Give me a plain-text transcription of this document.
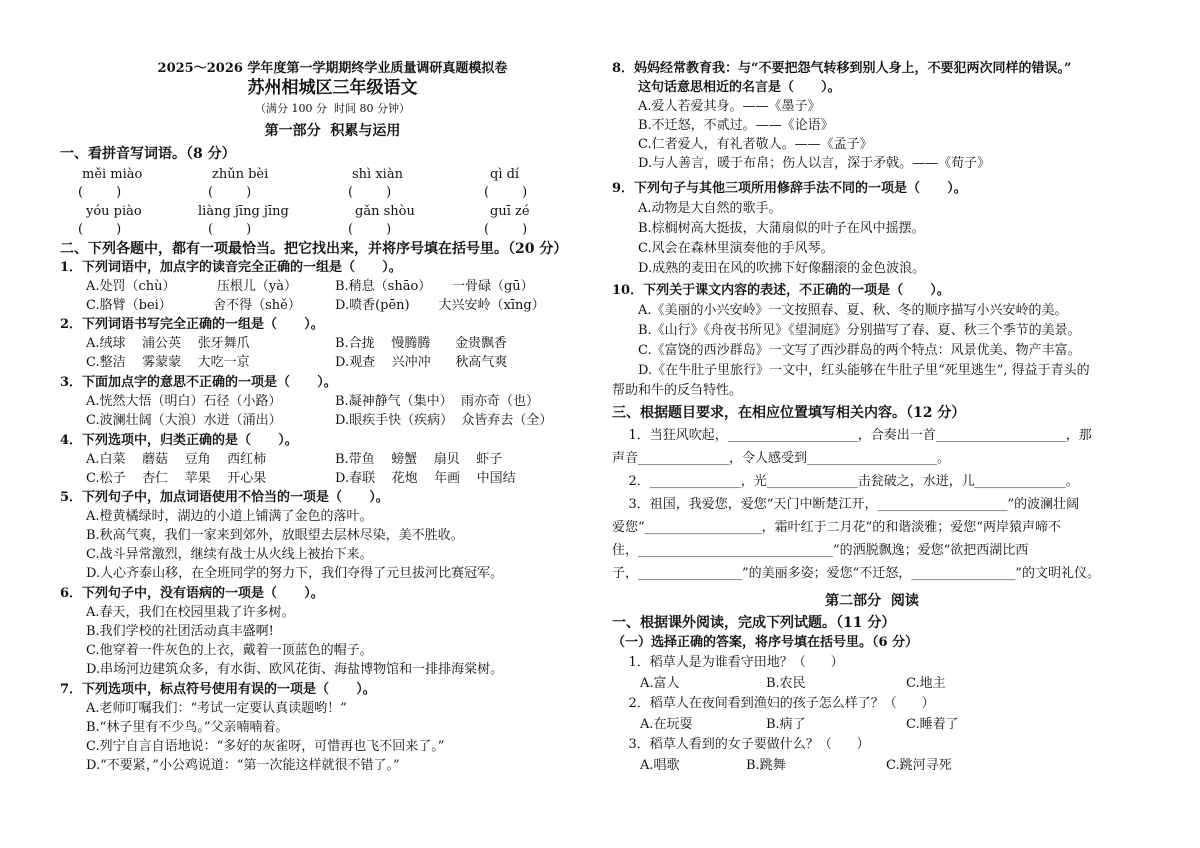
2025～2026 学年度第一学期期终学业质量调研真题模拟卷
苏州相城区三年级语文
（满分 100 分  时间 80 分钟）
第一部分  积累与运用
一、看拼音写词语。（8 分）
měi miào	zhǔn bèi	shì xiàn	qì dí
(        )	(        )	(        )	(        )
yóu piào	liàng jīng jīng	gǎn shòu	guī zé
(        )	(        )	(        )	(        )
二、下列各题中，都有一项最恰当。把它找出来，并将序号填在括号里。（20 分）
1．下列词语中，加点字的读音完全正确的一组是（      ）。
A.处罚（chù）          压根儿（yà）	B.稍息（shāo）     一骨碌（gū）
C.胳臂（bei）          舍不得（shě）	D.喷香(pēn)       大兴安岭（xīng）
2．下列词语书写完全正确的一组是（      ）。
A.绒球    浦公英    张牙舞爪	B.合拢    慢腾腾      金贵飘香
C.整洁    雾蒙蒙    大吃一京	D.观查    兴冲冲      秋高气爽
3．下面加点字的意思不正确的一项是（      ）。
A.恍然大悟（明白）石径（小路）	B.凝神静气（集中）  雨亦奇（也）
C.波澜壮阔（大浪）水迸（涌出）	D.眼疾手快（疾病）  众皆弃去（全）
4．下列选项中，归类正确的是（      ）。
A.白菜    蘑菇    豆角    西红柿	B.带鱼    螃蟹    扇贝    虾子
C.松子    杏仁    苹果    开心果	D.春联    花炮    年画    中国结
5．下列句子中，加点词语使用不恰当的一项是（      ）。
A.橙黄橘绿时，湖边的小道上铺满了金色的落叶。
B.秋高气爽，我们一家来到郊外，放眼望去层林尽染，美不胜收。
C.战斗异常激烈，继续有战士从火线上被抬下来。
D.人心齐泰山移，在全班同学的努力下，我们夺得了元旦拔河比赛冠军。
6．下列句子中，没有语病的一项是（      ）。
A.春天，我们在校园里栽了许多树。
B.我们学校的社团活动真丰盛啊!
C.他穿着一件灰色的上衣，戴着一顶蓝色的帽子。
D.串场河边建筑众多，有水街、欧风花街、海盐博物馆和一排排海棠树。
7．下列选项中，标点符号使用有误的一项是（      ）。
A.老师叮嘱我们：“考试一定要认真读题哟！”
B.“林子里有不少鸟。”父亲喃喃着。
C.列宁自言自语地说：“多好的灰雀呀，可惜再也飞不回来了。”
D.“不要紧，”小公鸡说道：“第一次能这样就很不错了。”
8．妈妈经常教育我：与“不要把怨气转移到别人身上，不要犯两次同样的错误。”
这句话意思相近的名言是（      ）。
A.爱人若爱其身。——《墨子》
B.不迁怒，不贰过。——《论语》
C.仁者爱人，有礼者敬人。——《孟子》
D.与人善言，暖于布帛；伤人以言，深于矛戟。——《荀子》
9．下列句子与其他三项所用修辞手法不同的一项是（      ）。
A.动物是大自然的歌手。
B.棕榈树高大挺拔，大蒲扇似的叶子在风中摇摆。
C.风会在森林里演奏他的手风琴。
D.成熟的麦田在风的吹拂下好像翻滚的金色波浪。
10．下列关于课文内容的表述，不正确的一项是（      ）。
A.《美丽的小兴安岭》一文按照春、夏、秋、冬的顺序描写小兴安岭的美。
B.《山行》《舟夜书所见》《望洞庭》分别描写了春、夏、秋三个季节的美景。
C.《富饶的西沙群岛》一文写了西沙群岛的两个特点：风景优美、物产丰富。
D.《在牛肚子里旅行》一文中，红头能够在牛肚子里“死里逃生”, 得益于青头的
帮助和牛的反刍特性。
三、根据题目要求，在相应位置填写相关内容。（12 分）
1．当狂风吹起，____________________，合奏出一首____________________，那
声音______________，令人感受到____________________。
2．______________，光______________击瓮破之，水迸，儿______________。
3．祖国，我爱您，爱您“天门中断楚江开，____________________”的波澜壮阔
爱您“__________________，霜叶红于二月花”的和谐淡雅；爱您“两岸猿声啼不
住，______________________________”的洒脱飘逸；爱您“欲把西湖比西
子，________________”的美丽多姿；爱您“不迁怒，________________”的文明礼仪。
第二部分  阅读
一、根据课外阅读，完成下列试题。（11 分）
（一）选择正确的答案，将序号填在括号里。（6 分）
1．稻草人是为谁看守田地？（      ）
A.富人	B.农民	C.地主
2．稻草人在夜间看到渔妇的孩子怎么样了？（      ）
A.在玩耍	B.病了	C.睡着了
3．稻草人看到的女子要做什么？（      ）
A.唱歌	B.跳舞	C.跳河寻死
